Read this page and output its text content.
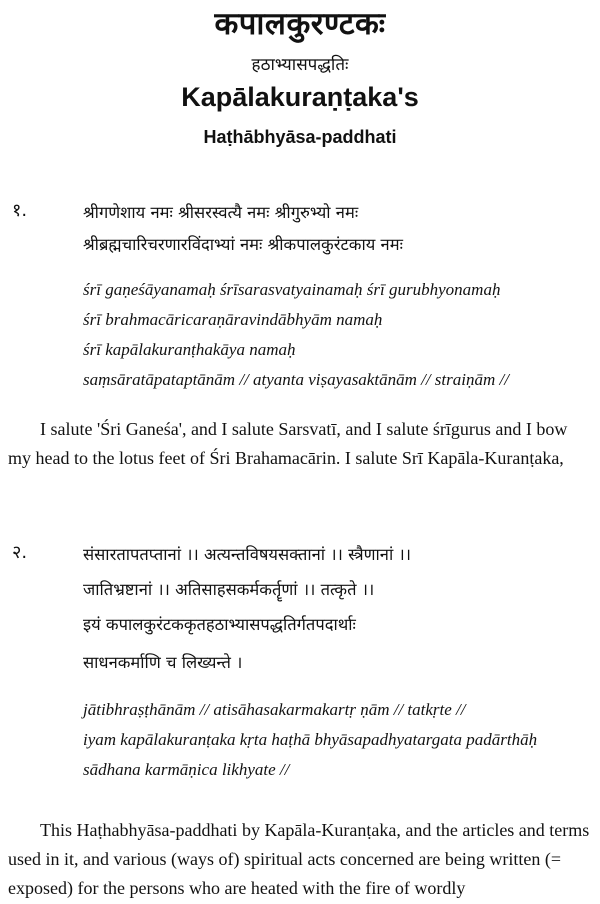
कपालकुरण्टकः
हठाभ्यासपद्धतिः
Kapālakuraṇṭaka's
Haṭhābhyāsa-paddhati
१.	श्रीगणेशाय नमः श्रीसरस्वत्यै नमः श्रीगुरुभ्यो नमः
श्रीब्रह्मचारिचरणारविंदाभ्यां नमः श्रीकपालकुरंटकाय नमः
śrī gaṇeśāyanamaḥ śrīsarasvatyainamaḥ śrī gurubhyonamaḥ
śrī brahmacāricaraṇāravindābhyām namaḥ
śrī kapālakuranṭhakāya namaḥ
saṃsāratāpataptānām // atyanta viṣayasaktānām // straiṇām //

I salute 'Śri Ganeśa', and I salute Sarsvatī, and I salute śrīgurus and I bow my head to the lotus feet of Śri Brahamacārin. I salute Srī Kapāla-Kuranṭaka,

२.	संसारतापतप्तानां ।। अत्यन्तविषयसक्तानां ।। स्त्रैणानां ।।
जातिभ्रष्टानां ।। अतिसाहसकर्मकर्तॄणां ।। तत्कृते ।।
इयं कपालकुरंटककृतहठाभ्यासपद्धतिर्गतपदार्थाः
साधनकर्माणि च लिख्यन्ते ।
jātibhraṣṭhānām // atisāhasakarmakartṛ ṇām // tatkṛte //
iyam kapālakuranṭaka kṛta haṭhā bhyāsapadhyatargata padārthāḥ
sādhana karmāṇica likhyate //

This Haṭhabhyāsa-paddhati by Kapāla-Kuranṭaka, and the articles and terms used in it, and various (ways of) spiritual acts concerned are being written (= exposed) for the persons who are heated with the fire of wordly
